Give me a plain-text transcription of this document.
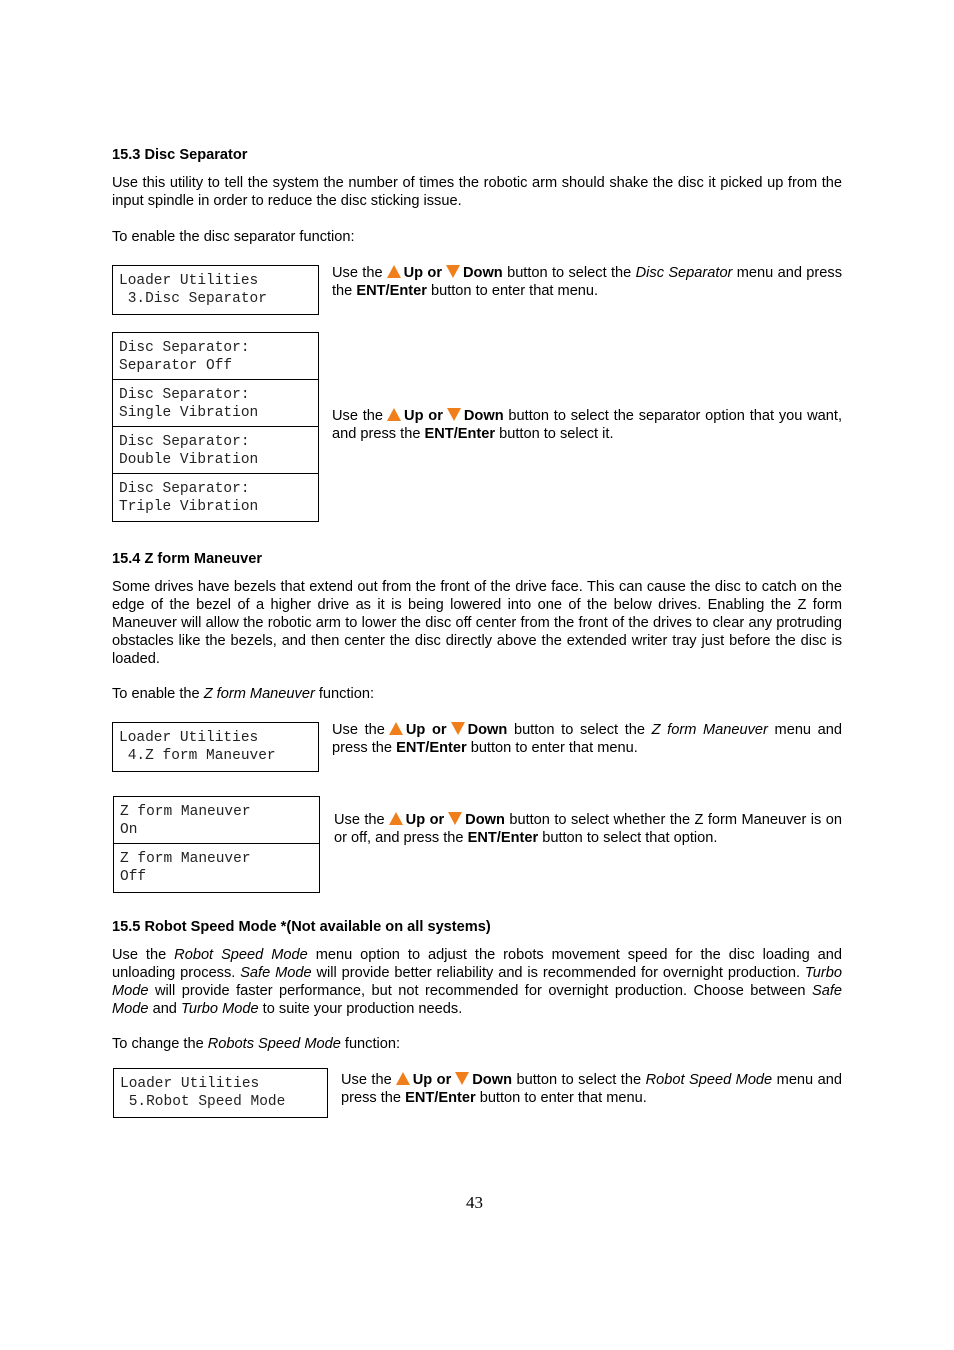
15.3 Disc Separator

Use this utility to tell the system the number of times the robotic arm should shake the disc it picked up from the input spindle in order to reduce the disc sticking issue.

To enable the disc separator function:

Loader Utilities
3.Disc Separator

Use the Up or Down button to select the Disc Separator menu and press the ENT/Enter button to enter that menu.

Disc Separator:
Separator Off
Disc Separator:
Single Vibration
Disc Separator:
Double Vibration
Disc Separator:
Triple Vibration

Use the Up or Down button to select the separator option that you want, and press the ENT/Enter button to select it.

15.4 Z form Maneuver

Some drives have bezels that extend out from the front of the drive face. This can cause the disc to catch on the edge of the bezel of a higher drive as it is being lowered into one of the below drives. Enabling the Z form Maneuver will allow the robotic arm to lower the disc off center from the front of the drives to clear any protruding obstacles like the bezels, and then center the disc directly above the extended writer tray just before the disc is loaded.

To enable the Z form Maneuver function:

Loader Utilities
4.Z form Maneuver

Use the Up or Down button to select the Z form Maneuver menu and press the ENT/Enter button to enter that menu.

Z form Maneuver
On
Z form Maneuver
Off

Use the Up or Down button to select whether the Z form Maneuver is on or off, and press the ENT/Enter button to select that option.

15.5 Robot Speed Mode *(Not available on all systems)

Use the Robot Speed Mode menu option to adjust the robots movement speed for the disc loading and unloading process. Safe Mode will provide better reliability and is recommended for overnight production. Turbo Mode will provide faster performance, but not recommended for overnight production. Choose between Safe Mode and Turbo Mode to suite your production needs.

To change the Robots Speed Mode function:

Loader Utilities
5.Robot Speed Mode

Use the Up or Down button to select the Robot Speed Mode menu and press the ENT/Enter button to enter that menu.

43
